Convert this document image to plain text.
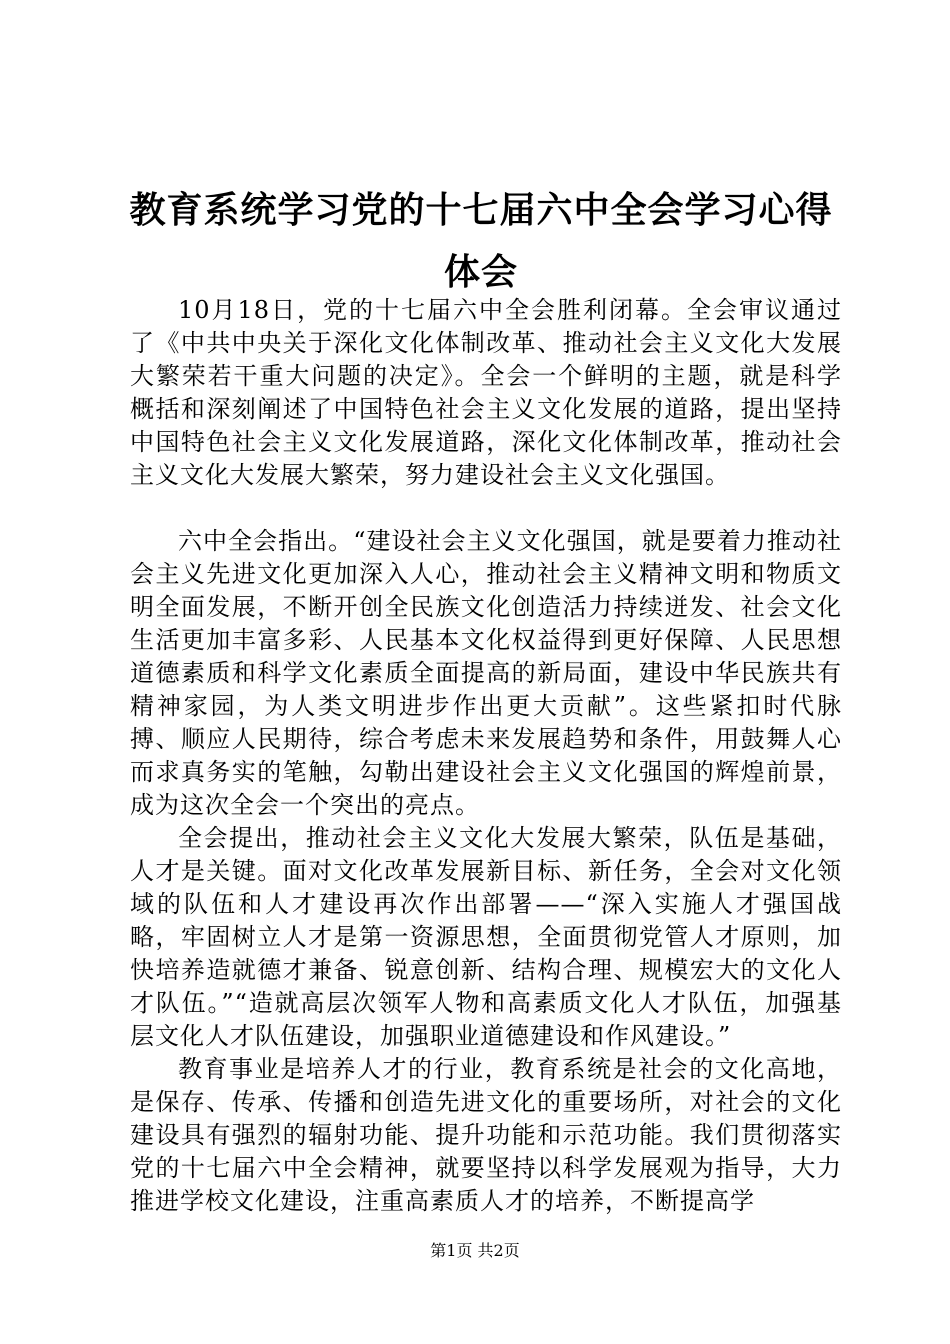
教育系统学习党的十七届六中全会学习心得体会

10月18日，党的十七届六中全会胜利闭幕。全会审议通过了《中共中央关于深化文化体制改革、推动社会主义文化大发展大繁荣若干重大问题的决定》。全会一个鲜明的主题，就是科学概括和深刻阐述了中国特色社会主义文化发展的道路，提出坚持中国特色社会主义文化发展道路，深化文化体制改革，推动社会主义文化大发展大繁荣，努力建设社会主义文化强国。

六中全会指出。“建设社会主义文化强国，就是要着力推动社会主义先进文化更加深入人心，推动社会主义精神文明和物质文明全面发展，不断开创全民族文化创造活力持续迸发、社会文化生活更加丰富多彩、人民基本文化权益得到更好保障、人民思想道德素质和科学文化素质全面提高的新局面，建设中华民族共有精神家园，为人类文明进步作出更大贡献”。这些紧扣时代脉搏、顺应人民期待，综合考虑未来发展趋势和条件，用鼓舞人心而求真务实的笔触，勾勒出建设社会主义文化强国的辉煌前景，成为这次全会一个突出的亮点。

全会提出，推动社会主义文化大发展大繁荣，队伍是基础，人才是关键。面对文化改革发展新目标、新任务，全会对文化领域的队伍和人才建设再次作出部署——“深入实施人才强国战略，牢固树立人才是第一资源思想，全面贯彻党管人才原则，加快培养造就德才兼备、锐意创新、结构合理、规模宏大的文化人才队伍。”“造就高层次领军人物和高素质文化人才队伍，加强基层文化人才队伍建设，加强职业道德建设和作风建设。”

教育事业是培养人才的行业，教育系统是社会的文化高地，是保存、传承、传播和创造先进文化的重要场所，对社会的文化建设具有强烈的辐射功能、提升功能和示范功能。我们贯彻落实党的十七届六中全会精神，就要坚持以科学发展观为指导，大力推进学校文化建设，注重高素质人才的培养，不断提高学

第1页 共2页
